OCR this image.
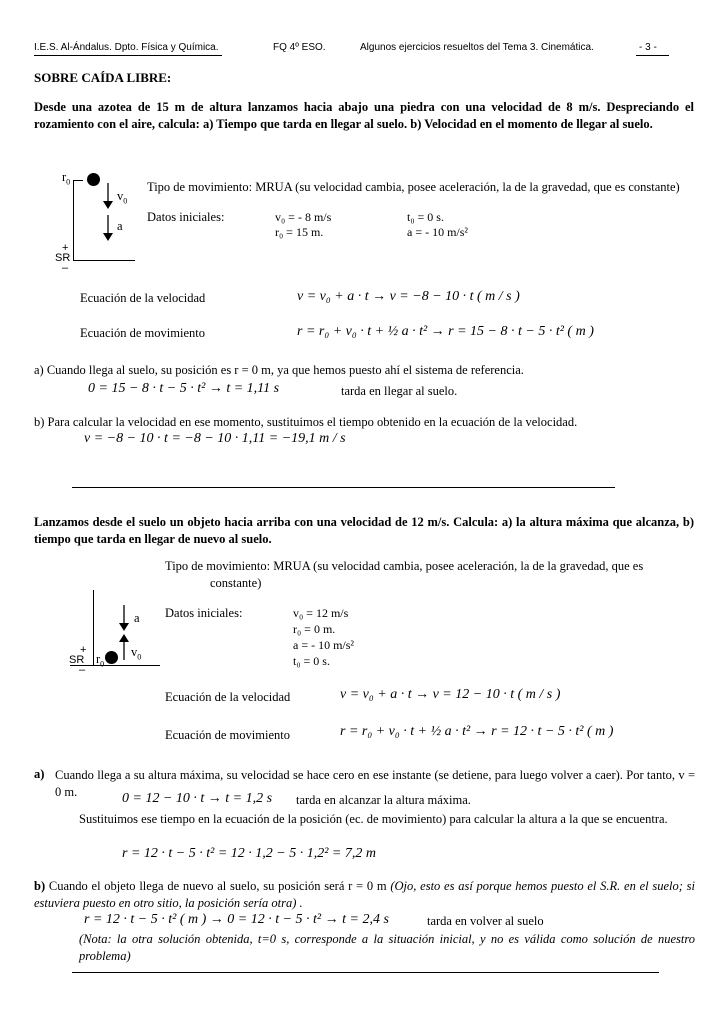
I.E.S. Al-Ándalus. Dpto. Física y Química.	FQ 4º ESO.	Algunos ejercicios resueltos del Tema 3. Cinemática.	- 3 -
SOBRE CAÍDA LIBRE:
Desde una azotea de 15 m de altura lanzamos hacia abajo una piedra con una velocidad de 8 m/s. Despreciando el rozamiento con el aire, calcula: a) Tiempo que tarda en llegar al suelo. b) Velocidad en el momento de llegar al suelo.
$r_0$
$v_0$
a
+
SR
–
Tipo de movimiento: MRUA (su velocidad cambia, posee aceleración, la de la gravedad, que es constante)
Datos iniciales:	v₀ = - 8 m/s	t₀ = 0 s.
r₀ = 15 m.	a = - 10 m/s²
Ecuación de la velocidad	v = v₀ + a · t → v = −8 − 10 · t ( m / s )
Ecuación de movimiento	r = r₀ + v₀ · t + ½ a · t² → r = 15 − 8 · t − 5 · t² ( m )
a) Cuando llega al suelo, su posición es r = 0 m, ya que hemos puesto ahí el sistema de referencia.
0 = 15 − 8 · t − 5 · t² → t = 1,11 s	tarda en llegar al suelo.
b) Para calcular la velocidad en ese momento, sustituimos el tiempo obtenido en la ecuación de la velocidad.
v = −8 − 10 · t = −8 − 10 · 1,11 = −19,1 m / s
Lanzamos desde el suelo un objeto hacia arriba con una velocidad de 12 m/s. Calcula: a) la altura máxima que alcanza, b) tiempo que tarda en llegar de nuevo al suelo.
Tipo de movimiento: MRUA (su velocidad cambia, posee aceleración, la de la gravedad, que es
constante)
Datos iniciales:	v₀ = 12 m/s
r₀ = 0 m.
a = - 10 m/s²
t₀ = 0 s.
a
$v_0$
+
SR $r_0$
–
Ecuación de la velocidad	v = v₀ + a · t → v = 12 − 10 · t ( m / s )
Ecuación de movimiento	r = r₀ + v₀ · t + ½ a · t² → r = 12 · t − 5 · t² ( m )
a) Cuando llega a su altura máxima, su velocidad se hace cero en ese instante (se detiene, para luego volver a caer). Por tanto, v = 0 m.	0 = 12 − 10 · t → t = 1,2 s tarda en alcanzar la altura máxima.
Sustituimos ese tiempo en la ecuación de la posición (ec. de movimiento) para calcular la altura a la que se encuentra.
r = 12 · t − 5 · t² = 12 · 1,2 − 5 · 1,2² = 7,2 m
b) Cuando el objeto llega de nuevo al suelo, su posición será r = 0 m (Ojo, esto es así porque hemos puesto el S.R. en el suelo; si estuviera puesto en otro sitio, la posición sería otra) .
r = 12 · t − 5 · t² ( m ) → 0 = 12 · t − 5 · t² → t = 2,4 s	tarda en volver al suelo
(Nota: la otra solución obtenida, t=0 s, corresponde a la situación inicial, y no es válida como solución de nuestro problema)
